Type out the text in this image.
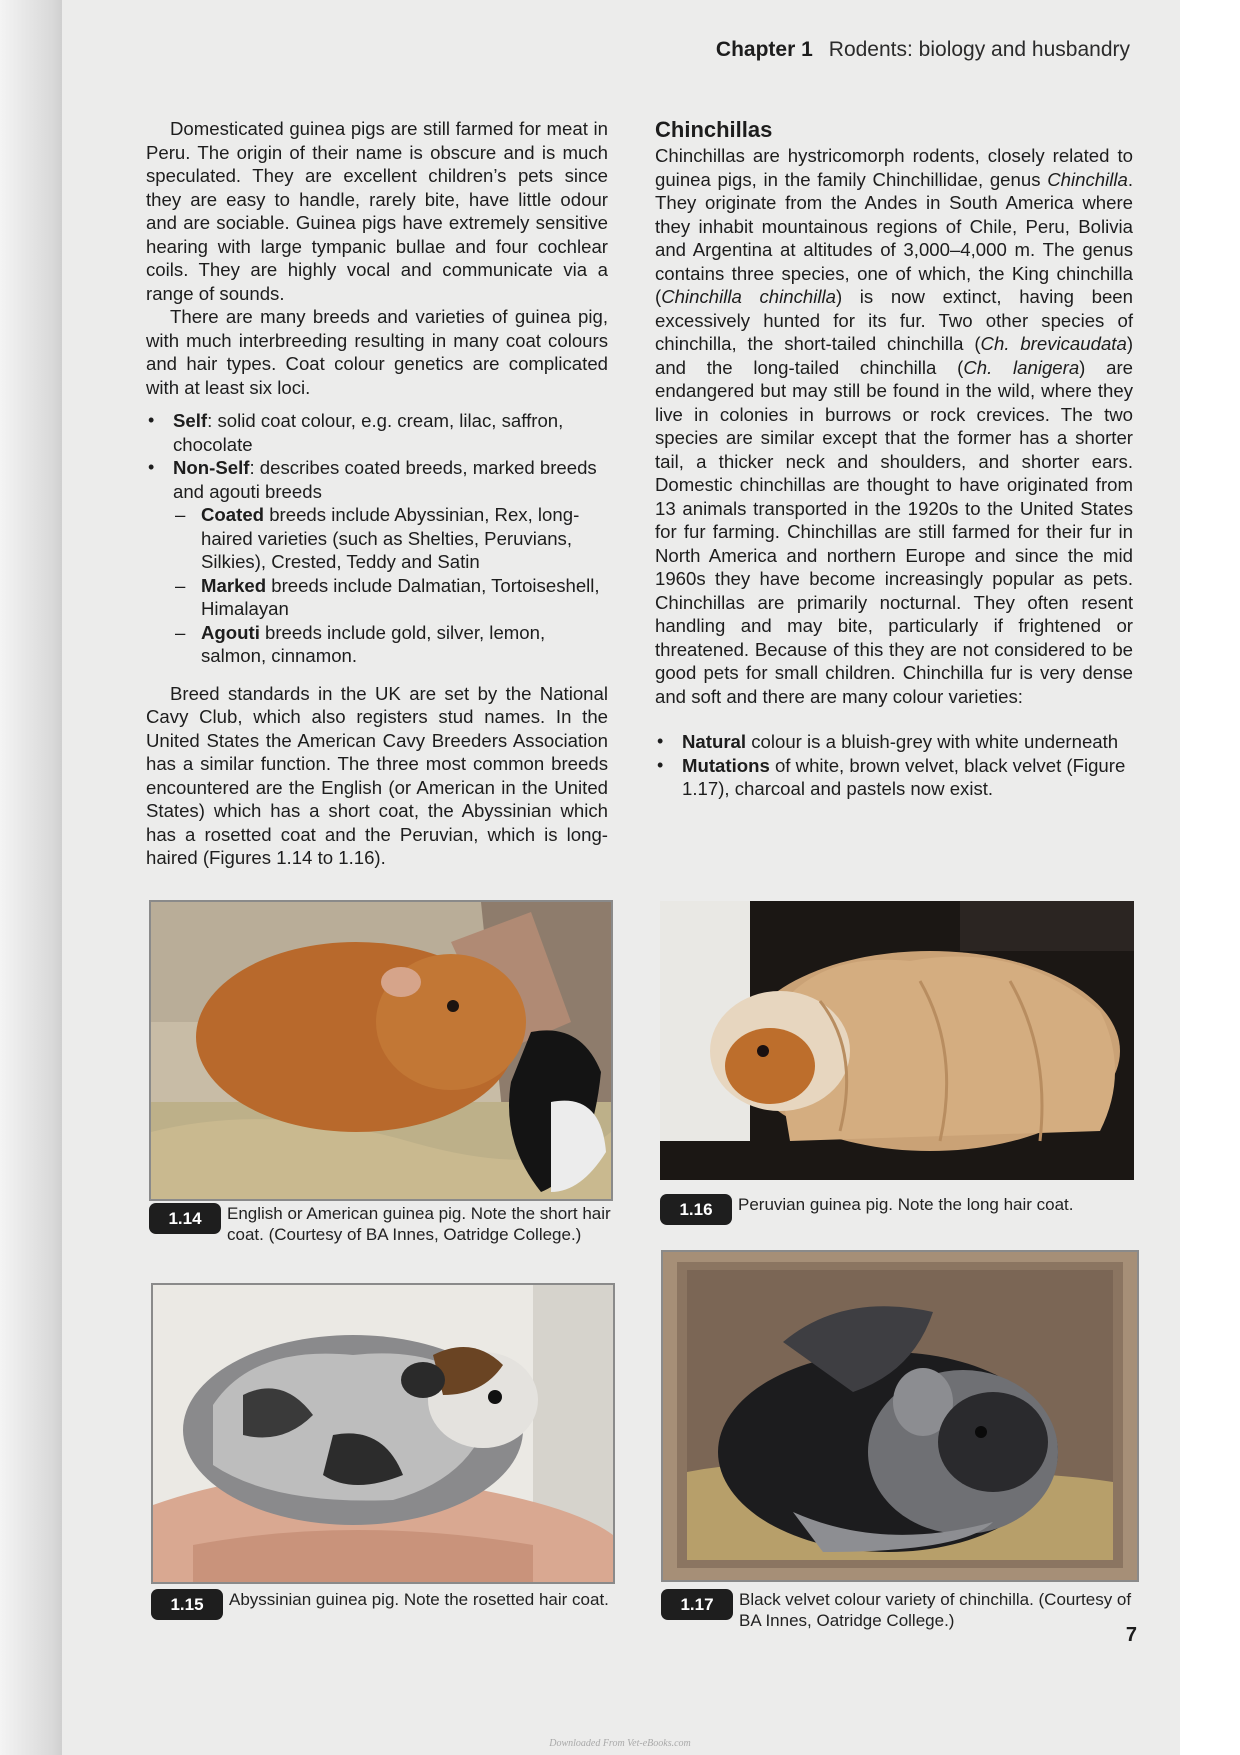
Chapter 1 Rodents: biology and husbandry

Domesticated guinea pigs are still farmed for meat in Peru. The origin of their name is obscure and is much speculated. They are excellent children’s pets since they are easy to handle, rarely bite, have little odour and are sociable. Guinea pigs have extremely sensitive hearing with large tympanic bullae and four cochlear coils. They are highly vocal and communicate via a range of sounds.

There are many breeds and varieties of guinea pig, with much interbreeding resulting in many coat colours and hair types. Coat colour genetics are complicated with at least six loci.

• Self: solid coat colour, e.g. cream, lilac, saffron, chocolate
• Non-Self: describes coated breeds, marked breeds and agouti breeds
– Coated breeds include Abyssinian, Rex, long-haired varieties (such as Shelties, Peruvians, Silkies), Crested, Teddy and Satin
– Marked breeds include Dalmatian, Tortoiseshell, Himalayan
– Agouti breeds include gold, silver, lemon, salmon, cinnamon.

Breed standards in the UK are set by the National Cavy Club, which also registers stud names. In the United States the American Cavy Breeders Association has a similar function. The three most common breeds encountered are the English (or American in the United States) which has a short coat, the Abyssinian which has a rosetted coat and the Peruvian, which is long-haired (Figures 1.14 to 1.16).

Chinchillas

Chinchillas are hystricomorph rodents, closely related to guinea pigs, in the family Chinchillidae, genus Chinchilla. They originate from the Andes in South America where they inhabit mountainous regions of Chile, Peru, Bolivia and Argentina at altitudes of 3,000–4,000 m. The genus contains three species, one of which, the King chinchilla (Chinchilla chinchilla) is now extinct, having been excessively hunted for its fur. Two other species of chinchilla, the short-tailed chinchilla (Ch. brevicaudata) and the long-tailed chinchilla (Ch. lanigera) are endangered but may still be found in the wild, where they live in colonies in burrows or rock crevices. The two species are similar except that the former has a shorter tail, a thicker neck and shoulders, and shorter ears. Domestic chinchillas are thought to have originated from 13 animals transported in the 1920s to the United States for fur farming. Chinchillas are still farmed for their fur in North America and northern Europe and since the mid 1960s they have become increasingly popular as pets. Chinchillas are primarily nocturnal. They often resent handling and may bite, particularly if frightened or threatened. Because of this they are not considered to be good pets for small children. Chinchilla fur is very dense and soft and there are many colour varieties:

• Natural colour is a bluish-grey with white underneath
• Mutations of white, brown velvet, black velvet (Figure 1.17), charcoal and pastels now exist.
1.14	English or American guinea pig. Note the short hair coat. (Courtesy of BA Innes, Oatridge College.)
1.16	Peruvian guinea pig. Note the long hair coat.
1.15	Abyssinian guinea pig. Note the rosetted hair coat.	1.17	Black velvet colour variety of chinchilla. (Courtesy of BA Innes, Oatridge College.)
7
Downloaded From Vet-eBooks.com
